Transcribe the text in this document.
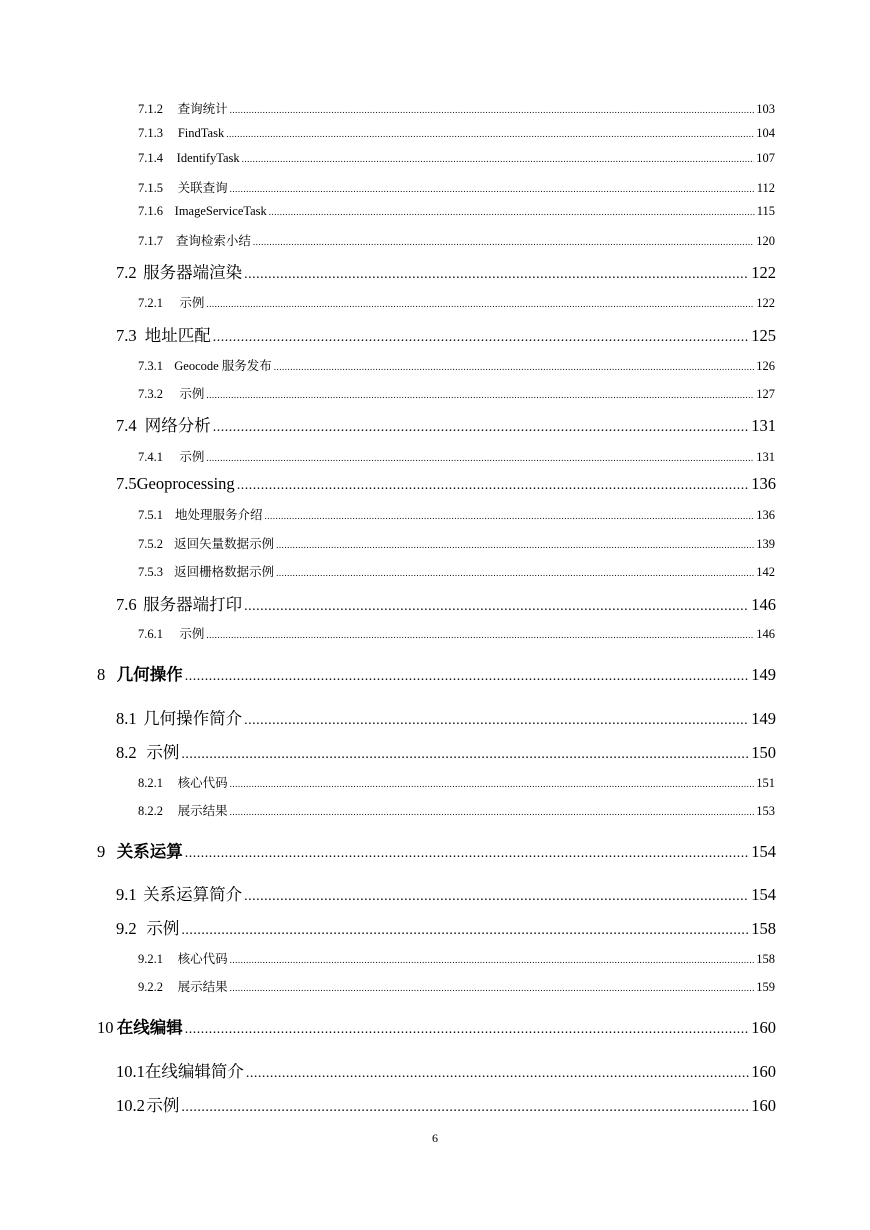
7.1.2	查询统计 .....	103
7.1.3	FindTask .....	104
7.1.4	IdentifyTask .....	107
7.1.5	关联查询 .....	112
7.1.6 ImageServiceTask .....	115
7.1.7	查询检索小结 .....	120
7.2 服务器端渲染 .....	122
7.2.1	示例 .....	122
7.3 地址匹配 .....	125
7.3.1 Geocode 服务发布 .....	126
7.3.2	示例 .....	127
7.4 网络分析 .....	131
7.4.1	示例 .....	131
7.5 Geoprocessing .....	136
7.5.1 地处理服务介绍 .....	136
7.5.2 返回矢量数据示例 .....	139
7.5.3 返回栅格数据示例 .....	142
7.6 服务器端打印 .....	146
7.6.1	示例 .....	146
8 几何操作 .....	149
8.1 几何操作简介 .....	149
8.2 示例 .....	150
8.2.1	核心代码 .....	151
8.2.2	展示结果 .....	153
9 关系运算 .....	154
9.1 关系运算简介 .....	154
9.2 示例 .....	158
9.2.1	核心代码 .....	158
9.2.2	展示结果 .....	159
10 在线编辑 .....	160
10.1 在线编辑简介 .....	160
10.2 示例 .....	160
6
